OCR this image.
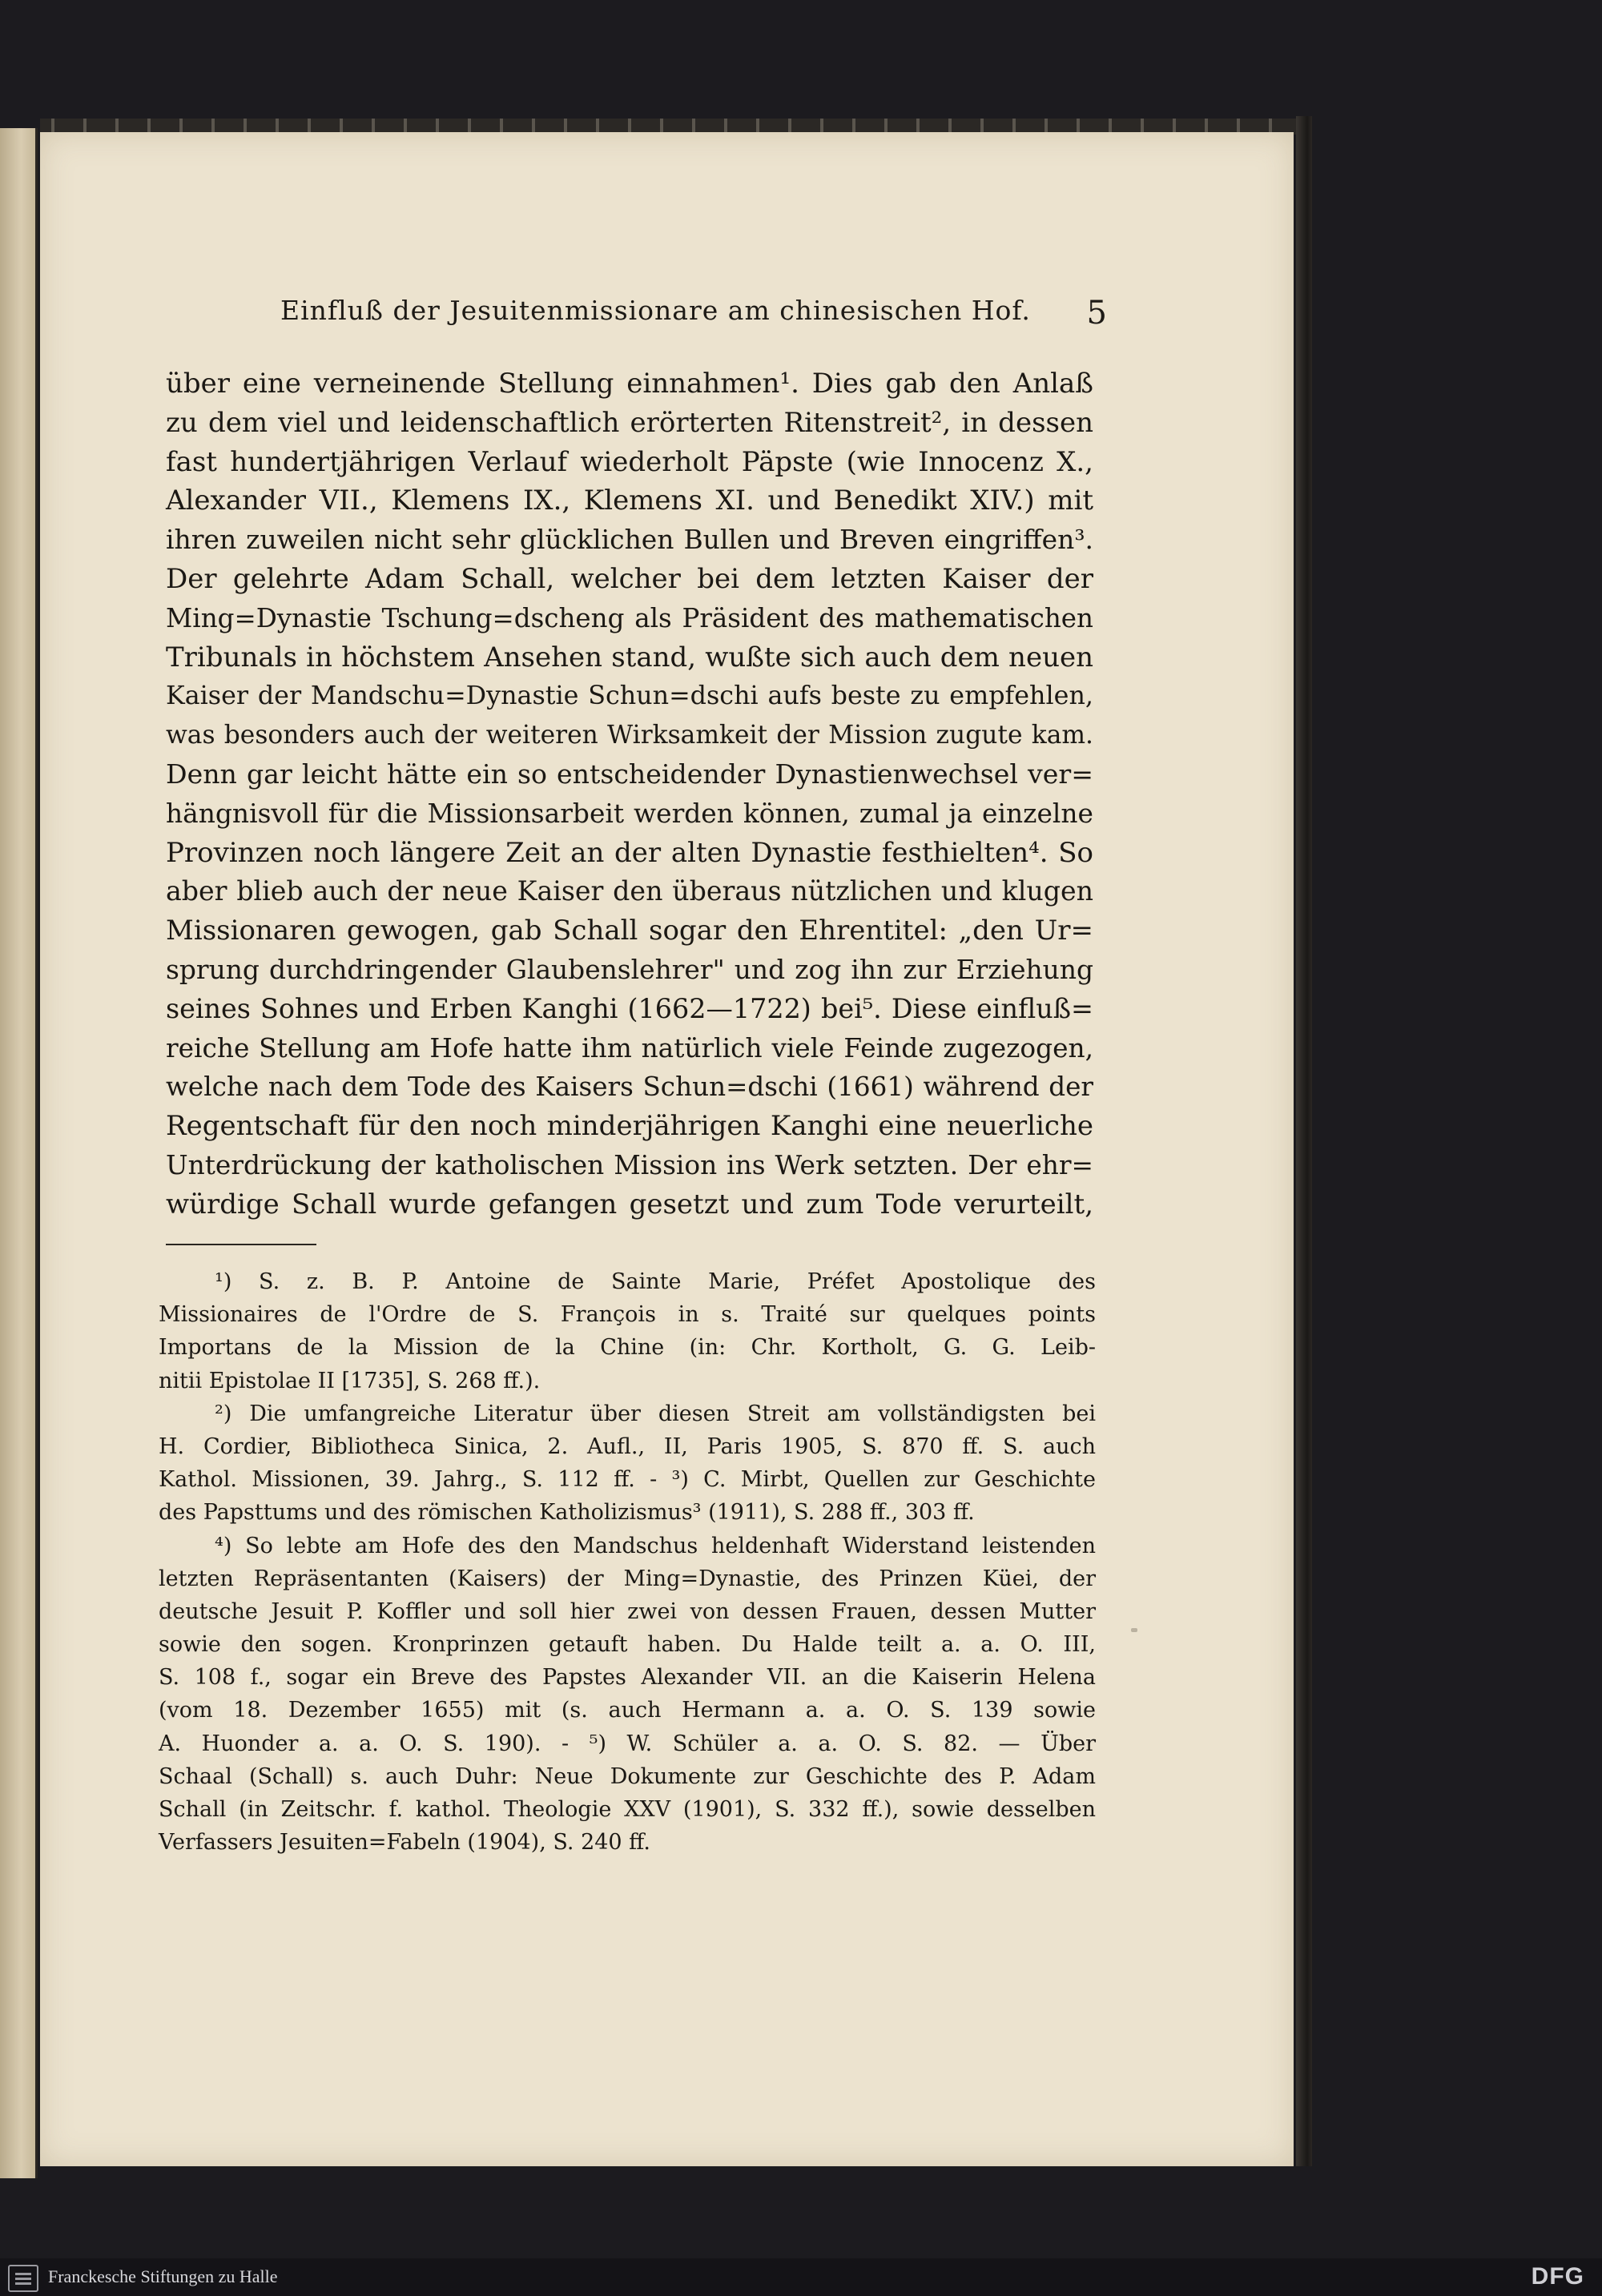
Einfluß der Jesuitenmissionare am chinesischen Hof.	5
über eine verneinende Stellung einnahmen¹. Dies gab den Anlaß
zu dem viel und leidenschaftlich erörterten Ritenstreit², in dessen
fast hundertjährigen Verlauf wiederholt Päpste (wie Innocenz X.,
Alexander VII., Klemens IX., Klemens XI. und Benedikt XIV.) mit
ihren zuweilen nicht sehr glücklichen Bullen und Breven eingriffen³.
Der gelehrte Adam Schall, welcher bei dem letzten Kaiser der
Ming=Dynastie Tschung=dscheng als Präsident des mathematischen
Tribunals in höchstem Ansehen stand, wußte sich auch dem neuen
Kaiser der Mandschu=Dynastie Schun=dschi aufs beste zu empfehlen,
was besonders auch der weiteren Wirksamkeit der Mission zugute kam.
Denn gar leicht hätte ein so entscheidender Dynastienwechsel ver=
hängnisvoll für die Missionsarbeit werden können, zumal ja einzelne
Provinzen noch längere Zeit an der alten Dynastie festhielten⁴. So
aber blieb auch der neue Kaiser den überaus nützlichen und klugen
Missionaren gewogen, gab Schall sogar den Ehrentitel: „den Ur=
sprung durchdringender Glaubenslehrer" und zog ihn zur Erziehung
seines Sohnes und Erben Kanghi (1662—1722) bei⁵. Diese einfluß=
reiche Stellung am Hofe hatte ihm natürlich viele Feinde zugezogen,
welche nach dem Tode des Kaisers Schun=dschi (1661) während der
Regentschaft für den noch minderjährigen Kanghi eine neuerliche
Unterdrückung der katholischen Mission ins Werk setzten. Der ehr=
würdige Schall wurde gefangen gesetzt und zum Tode verurteilt,
¹) S. z. B. P. Antoine de Sainte Marie, Préfet Apostolique des
Missionaires de l'Ordre de S. François in s. Traité sur quelques points
Importans de la Mission de la Chine (in: Chr. Kortholt, G. G. Leib-
nitii Epistolae II [1735], S. 268 ff.).
²) Die umfangreiche Literatur über diesen Streit am vollständigsten bei
H. Cordier, Bibliotheca Sinica, 2. Aufl., II, Paris 1905, S. 870 ff. S. auch
Kathol. Missionen, 39. Jahrg., S. 112 ff. - ³) C. Mirbt, Quellen zur Geschichte
des Papsttums und des römischen Katholizismus³ (1911), S. 288 ff., 303 ff.
⁴) So lebte am Hofe des den Mandschus heldenhaft Widerstand leistenden
letzten Repräsentanten (Kaisers) der Ming=Dynastie, des Prinzen Küei, der
deutsche Jesuit P. Koffler und soll hier zwei von dessen Frauen, dessen Mutter
sowie den sogen. Kronprinzen getauft haben. Du Halde teilt a. a. O. III,
S. 108 f., sogar ein Breve des Papstes Alexander VII. an die Kaiserin Helena
(vom 18. Dezember 1655) mit (s. auch Hermann a. a. O. S. 139 sowie
A. Huonder a. a. O. S. 190). - ⁵) W. Schüler a. a. O. S. 82. — Über
Schaal (Schall) s. auch Duhr: Neue Dokumente zur Geschichte des P. Adam
Schall (in Zeitschr. f. kathol. Theologie XXV (1901), S. 332 ff.), sowie desselben
Verfassers Jesuiten=Fabeln (1904), S. 240 ff.
Franckesche Stiftungen zu Halle	DFG
